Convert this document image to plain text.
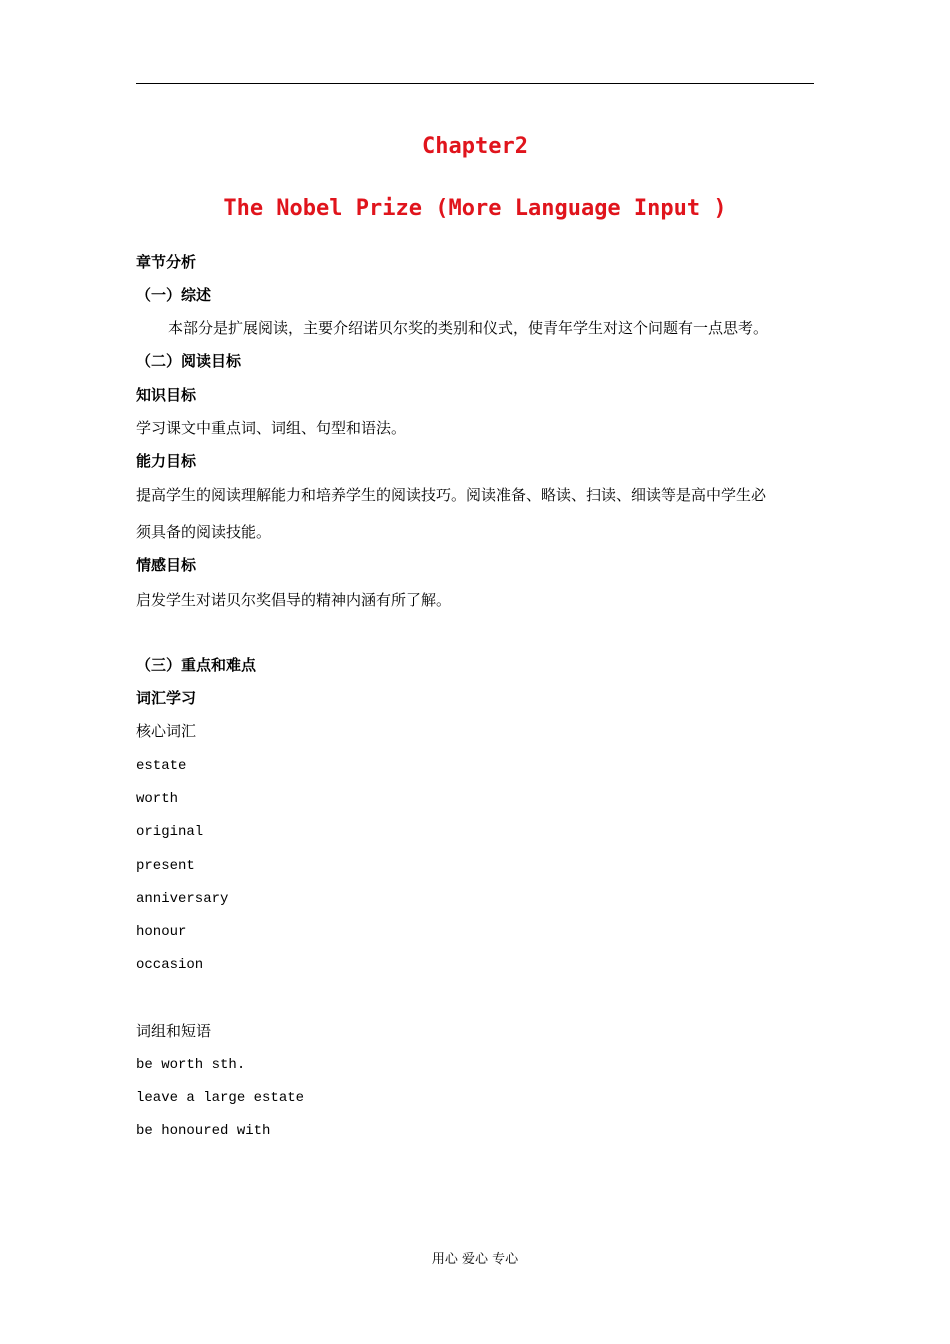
Chapter2
The Nobel Prize (More Language Input )
章节分析
（一）综述
本部分是扩展阅读，主要介绍诺贝尔奖的类别和仪式，使青年学生对这个问题有一点思考。
（二）阅读目标
知识目标
学习课文中重点词、词组、句型和语法。
能力目标
提高学生的阅读理解能力和培养学生的阅读技巧。阅读准备、略读、扫读、细读等是高中学生必
须具备的阅读技能。
情感目标
启发学生对诺贝尔奖倡导的精神内涵有所了解。
（三）重点和难点
词汇学习
核心词汇
estate
worth
original
present
anniversary
honour
occasion
词组和短语
be worth sth.
leave a large estate
be honoured with
用心 爱心 专心
